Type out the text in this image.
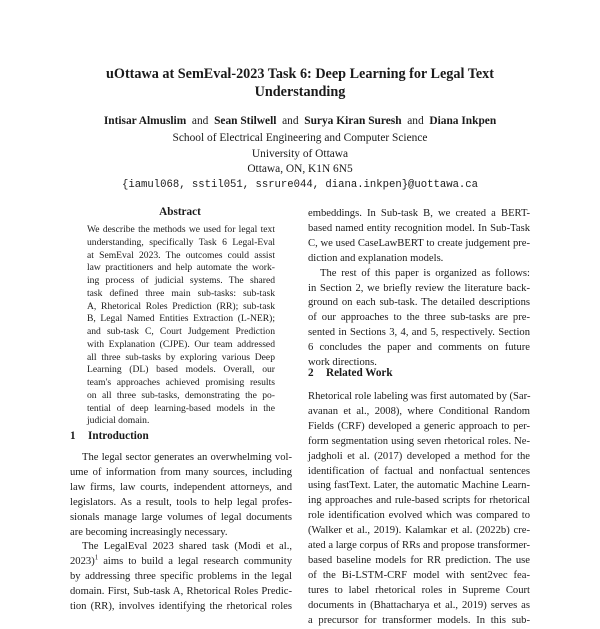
uOttawa at SemEval-2023 Task 6: Deep Learning for Legal Text
Understanding
Intisar Almuslim and Sean Stilwell and Surya Kiran Suresh and Diana Inkpen
School of Electrical Engineering and Computer Science
University of Ottawa
Ottawa, ON, K1N 6N5
{iamul068, sstil051, ssrure044, diana.inkpen}@uottawa.ca
Abstract
We describe the methods we used for legal text
understanding, specifically Task 6 Legal-Eval
at SemEval 2023. The outcomes could assist
law practitioners and help automate the work-
ing process of judicial systems. The shared
task defined three main sub-tasks: sub-task
A, Rhetorical Roles Prediction (RR); sub-task
B, Legal Named Entities Extraction (L-NER);
and sub-task C, Court Judgement Prediction
with Explanation (CJPE). Our team addressed
all three sub-tasks by exploring various Deep
Learning (DL) based models. Overall, our
team's approaches achieved promising results
on all three sub-tasks, demonstrating the po-
tential of deep learning-based models in the
judicial domain.
1 Introduction
The legal sector generates an overwhelming vol-
ume of information from many sources, including
law firms, law courts, independent attorneys, and
legislators. As a result, tools to help legal profes-
sionals manage large volumes of legal documents
are becoming increasingly necessary.
The LegalEval 2023 shared task (Modi et al.,
2023)$^1$ aims to build a legal research community
by addressing three specific problems in the legal
domain. First, Sub-task A, Rhetorical Roles Predic-
tion (RR), involves identifying the rhetorical roles
embeddings. In Sub-task B, we created a BERT-
based named entity recognition model. In Sub-Task
C, we used CaseLawBERT to create judgement pre-
diction and explanation models.
The rest of this paper is organized as follows:
in Section 2, we briefly review the literature back-
ground on each sub-task. The detailed descriptions
of our approaches to the three sub-tasks are pre-
sented in Sections 3, 4, and 5, respectively. Section
6 concludes the paper and comments on future
work directions.
2 Related Work
Rhetorical role labeling was first automated by (Sar-
avanan et al., 2008), where Conditional Random
Fields (CRF) developed a generic approach to per-
form segmentation using seven rhetorical roles. Ne-
jadgholi et al. (2017) developed a method for the
identification of factual and nonfactual sentences
using fastText. Later, the automatic Machine Learn-
ing approaches and rule-based scripts for rhetorical
role identification evolved which was compared to
(Walker et al., 2019). Kalamkar et al. (2022b) cre-
ated a large corpus of RRs and propose transformer-
based baseline models for RR prediction. The use
of the Bi-LSTM-CRF model with sent2vec fea-
tures to label rhetorical roles in Supreme Court
documents in (Bhattacharya et al., 2019) serves as
a precursor for transformer models. In this sub-
